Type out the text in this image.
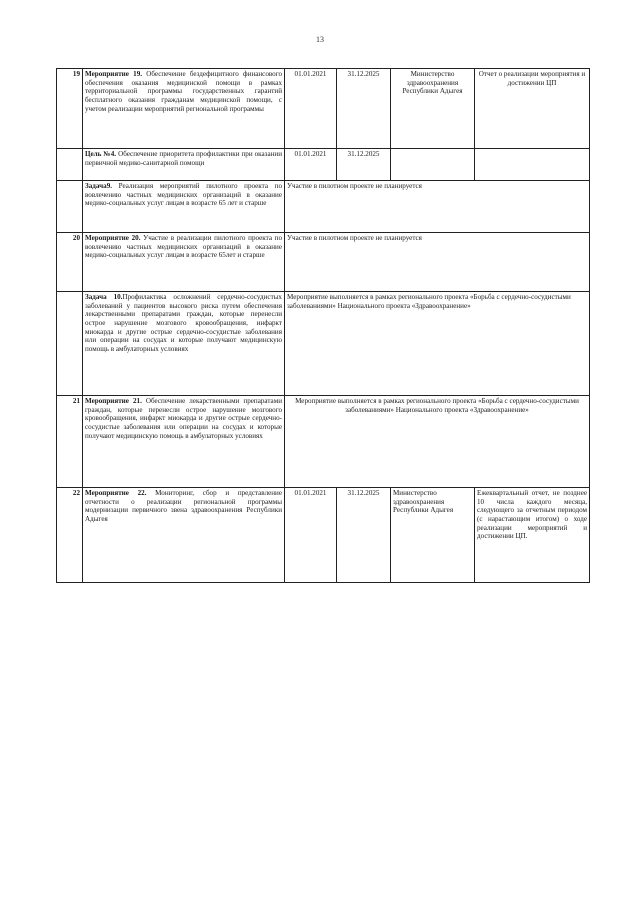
13
19	Мероприятие 19. Обеспечение бездефицитного финансового обеспечения оказания медицинской помощи в рамках территориальной программы государственных гарантий бесплатного оказания гражданам медицинской помощи, с учетом реализации мероприятий региональной программы	01.01.2021	31.12.2025	Министерство здравоохранения Республики Адыгея	Отчет о реализации мероприятия и достижении ЦП
	Цель №4. Обеспечение приоритета профилактики при оказании первичной медико-санитарной помощи	01.01.2021	31.12.2025		
	Задача9. Реализация мероприятий пилотного проекта по вовлечению частных медицинских организаций в оказание медико-социальных услуг лицам в возрасте 65 лет и старше	Участие в пилотном проекте не планируется			
20	Мероприятие 20. Участие в реализации пилотного проекта по вовлечению частных медицинских организаций в оказание медико-социальных услуг лицам в возрасте 65лет и старше	Участие в пилотном проекте не планируется			
	Задача 10.Профилактика осложнений сердечно-сосудистых заболеваний у пациентов высокого риска путем обеспечения лекарственными препаратами граждан, которые перенесли острое нарушение мозгового кровообращения, инфаркт миокарда и другие острые сердечно-сосудистые заболевания или операции на сосудах и которые получают медицинскую помощь в амбулаторных условиях	Мероприятие выполняется в рамках регионального проекта «Борьба с сердечно-сосудистыми заболеваниями» Национального проекта «Здравоохранение»			
21	Мероприятие 21. Обеспечение лекарственными препаратами граждан, которые перенесли острое нарушение мозгового кровообращения, инфаркт миокарда и другие острые сердечно-сосудистые заболевания или операции на сосудах и которые получают медицинскую помощь в амбулаторных условиях	Мероприятие выполняется в рамках регионального проекта «Борьба с сердечно-сосудистыми заболеваниями» Национального проекта «Здравоохранение»			
22	Мероприятие 22. Мониторинг, сбор и представление отчетности о реализации региональной программы модернизации первичного звена здравоохранения Республики Адыгея	01.01.2021	31.12.2025	Министерство здравоохранения Республики Адыгея	Ежеквартальный отчет, не позднее 10 числа каждого месяца, следующего за отчетным периодом (с нарастающим итогом) о ходе реализации мероприятий и достижении ЦП.
